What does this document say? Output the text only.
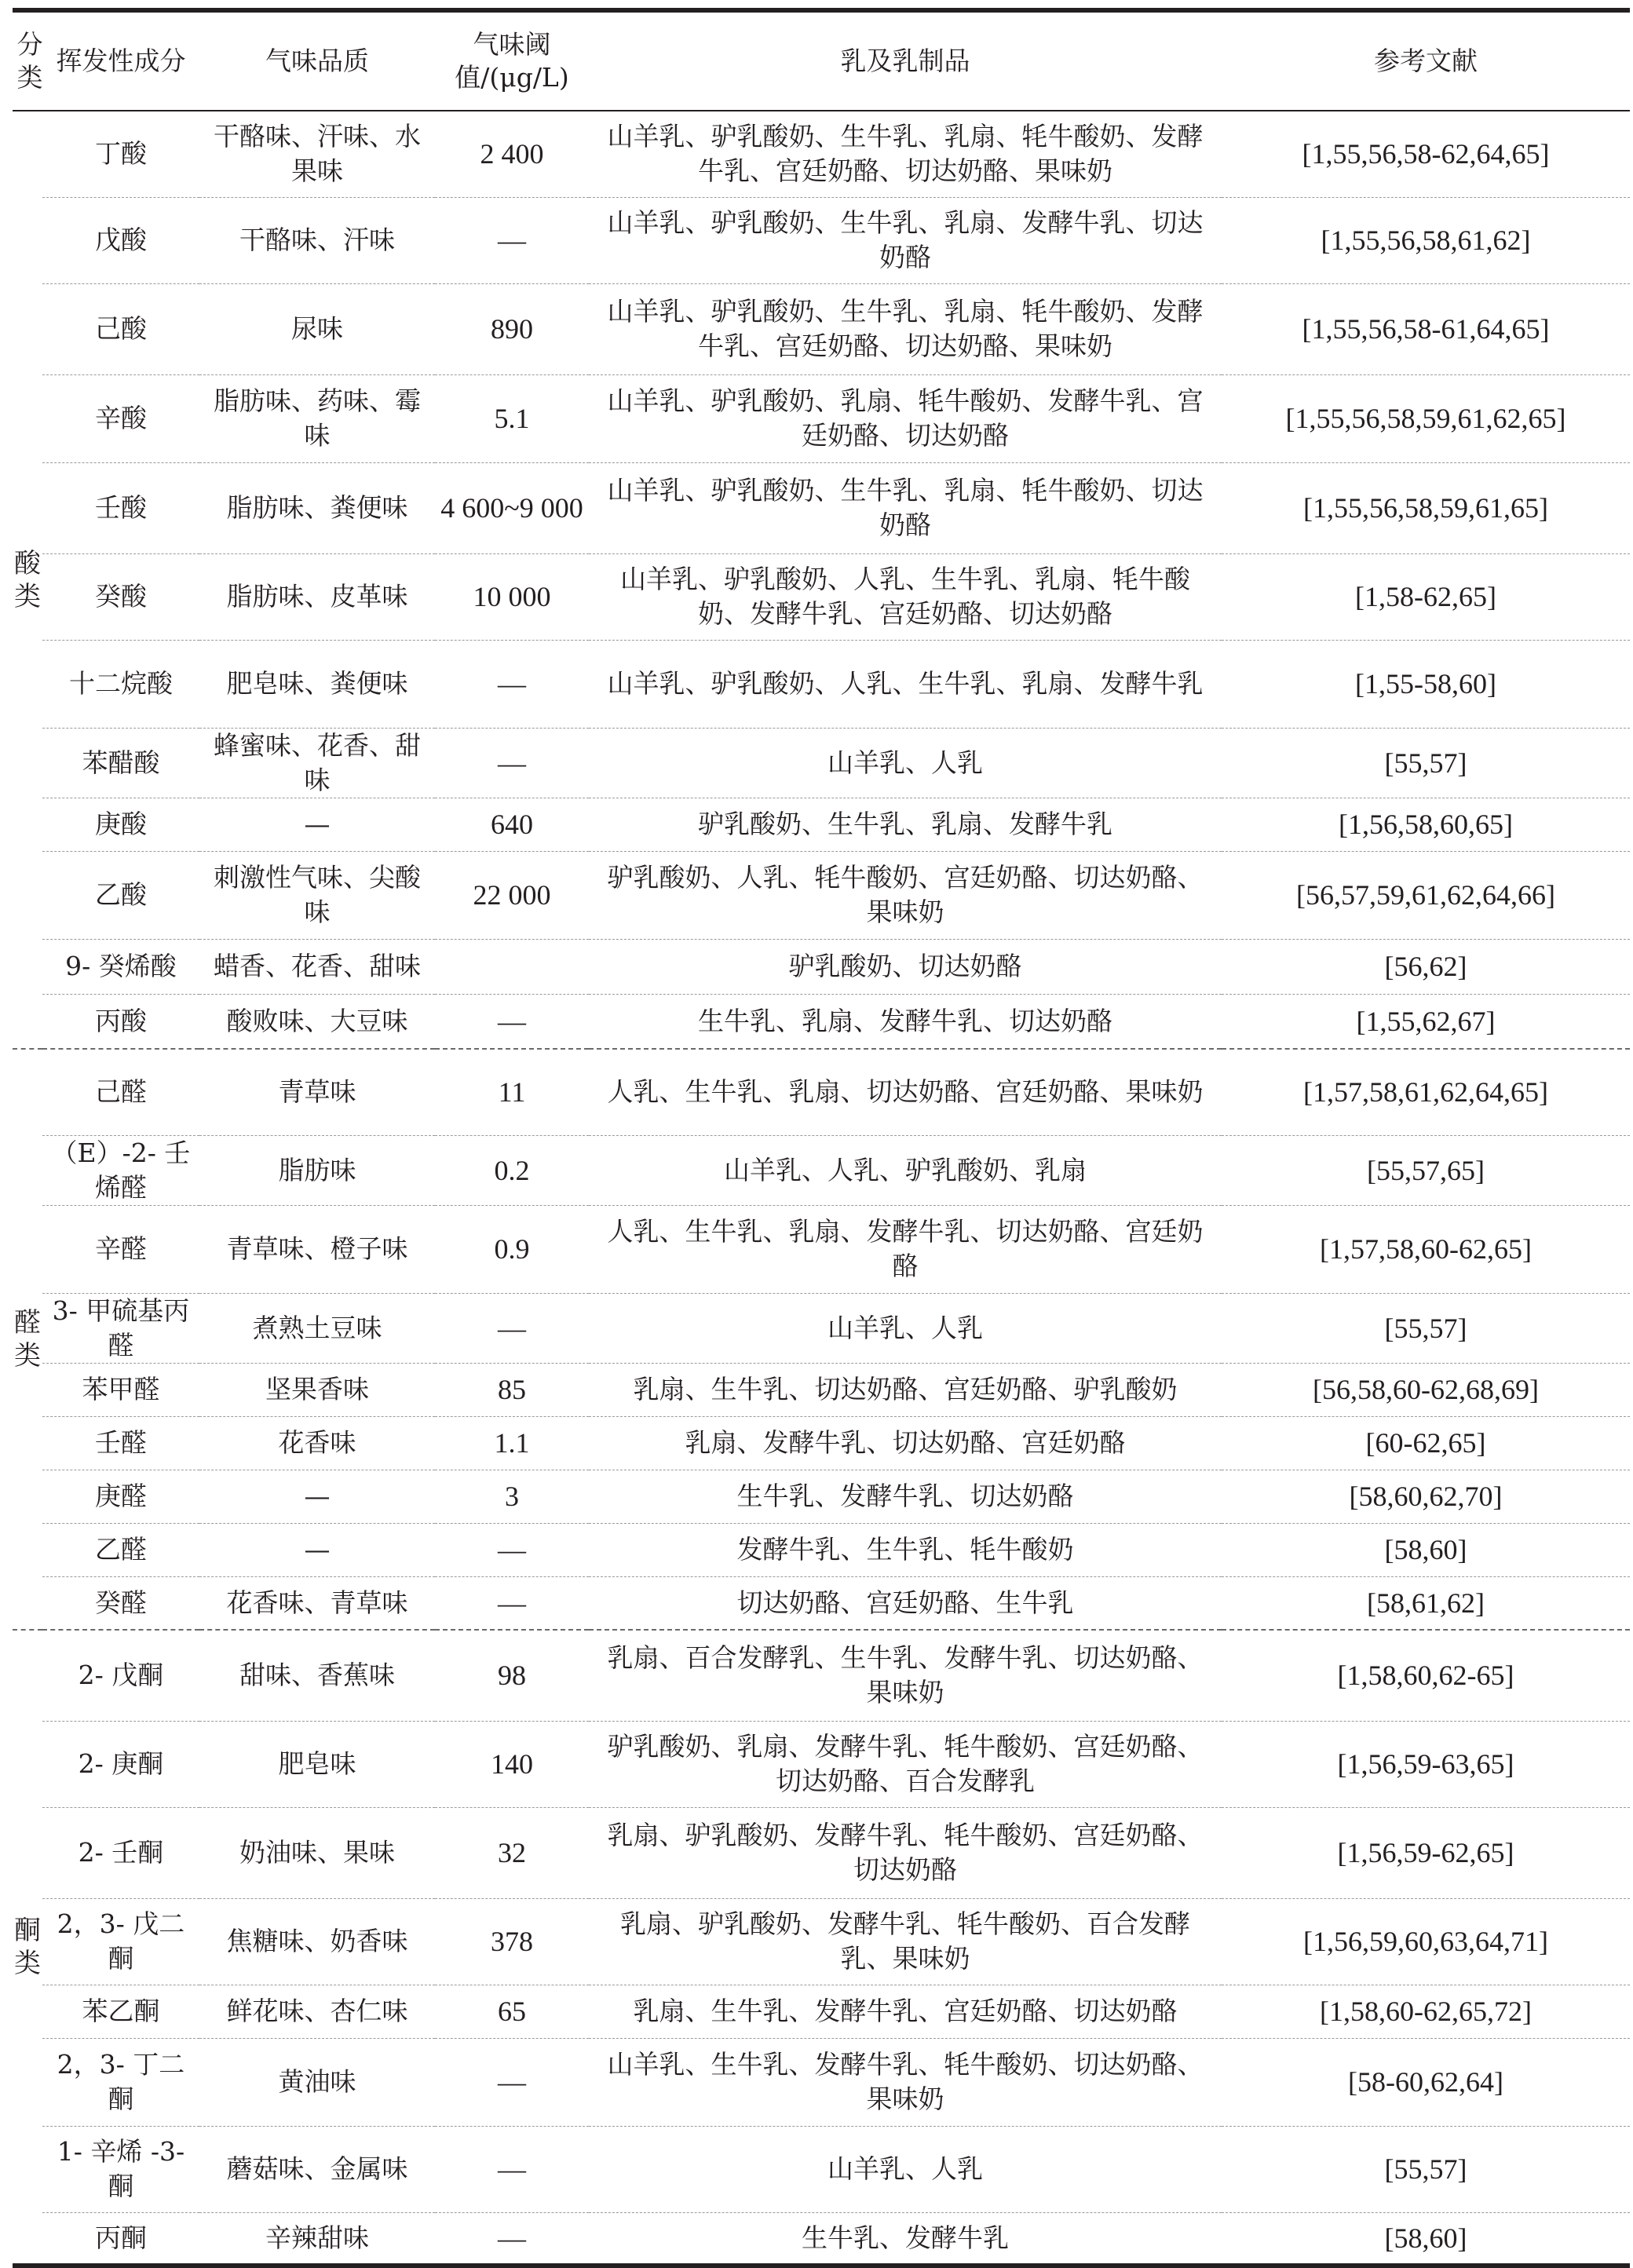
分类	挥发性成分	气味品质	气味阈值/(μg/L)	乳及乳制品	参考文献
酸类	丁酸	干酪味、汗味、水果味	2 400	山羊乳、驴乳酸奶、生牛乳、乳扇、牦牛酸奶、发酵牛乳、宫廷奶酪、切达奶酪、果味奶	[1,55,56,58-62,64,65]
	戊酸	干酪味、汗味	—	山羊乳、驴乳酸奶、生牛乳、乳扇、发酵牛乳、切达奶酪	[1,55,56,58,61,62]
	己酸	尿味	890	山羊乳、驴乳酸奶、生牛乳、乳扇、牦牛酸奶、发酵牛乳、宫廷奶酪、切达奶酪、果味奶	[1,55,56,58-61,64,65]
	辛酸	脂肪味、药味、霉味	5.1	山羊乳、驴乳酸奶、乳扇、牦牛酸奶、发酵牛乳、宫廷奶酪、切达奶酪	[1,55,56,58,59,61,62,65]
	壬酸	脂肪味、粪便味	4 600~9 000	山羊乳、驴乳酸奶、生牛乳、乳扇、牦牛酸奶、切达奶酪	[1,55,56,58,59,61,65]
	癸酸	脂肪味、皮革味	10 000	山羊乳、驴乳酸奶、人乳、生牛乳、乳扇、牦牛酸奶、发酵牛乳、宫廷奶酪、切达奶酪	[1,58-62,65]
	十二烷酸	肥皂味、粪便味	—	山羊乳、驴乳酸奶、人乳、生牛乳、乳扇、发酵牛乳	[1,55-58,60]
	苯醋酸	蜂蜜味、花香、甜味	—	山羊乳、人乳	[55,57]
	庚酸	—	640	驴乳酸奶、生牛乳、乳扇、发酵牛乳	[1,56,58,60,65]
	乙酸	刺激性气味、尖酸味	22 000	驴乳酸奶、人乳、牦牛酸奶、宫廷奶酪、切达奶酪、果味奶	[56,57,59,61,62,64,66]
	9- 癸烯酸	蜡香、花香、甜味		驴乳酸奶、切达奶酪	[56,62]
	丙酸	酸败味、大豆味	—	生牛乳、乳扇、发酵牛乳、切达奶酪	[1,55,62,67]
醛类	己醛	青草味	11	人乳、生牛乳、乳扇、切达奶酪、宫廷奶酪、果味奶	[1,57,58,61,62,64,65]
	（E）-2- 壬烯醛	脂肪味	0.2	山羊乳、人乳、驴乳酸奶、乳扇	[55,57,65]
	辛醛	青草味、橙子味	0.9	人乳、生牛乳、乳扇、发酵牛乳、切达奶酪、宫廷奶酪	[1,57,58,60-62,65]
	3- 甲硫基丙醛	煮熟土豆味	—	山羊乳、人乳	[55,57]
	苯甲醛	坚果香味	85	乳扇、生牛乳、切达奶酪、宫廷奶酪、驴乳酸奶	[56,58,60-62,68,69]
	壬醛	花香味	1.1	乳扇、发酵牛乳、切达奶酪、宫廷奶酪	[60-62,65]
	庚醛	—	3	生牛乳、发酵牛乳、切达奶酪	[58,60,62,70]
	乙醛	—	—	发酵牛乳、生牛乳、牦牛酸奶	[58,60]
	癸醛	花香味、青草味	—	切达奶酪、宫廷奶酪、生牛乳	[58,61,62]
酮类	2- 戊酮	甜味、香蕉味	98	乳扇、百合发酵乳、生牛乳、发酵牛乳、切达奶酪、果味奶	[1,58,60,62-65]
	2- 庚酮	肥皂味	140	驴乳酸奶、乳扇、发酵牛乳、牦牛酸奶、宫廷奶酪、切达奶酪、百合发酵乳	[1,56,59-63,65]
	2- 壬酮	奶油味、果味	32	乳扇、驴乳酸奶、发酵牛乳、牦牛酸奶、宫廷奶酪、切达奶酪	[1,56,59-62,65]
	2，3- 戊二酮	焦糖味、奶香味	378	乳扇、驴乳酸奶、发酵牛乳、牦牛酸奶、百合发酵乳、果味奶	[1,56,59,60,63,64,71]
	苯乙酮	鲜花味、杏仁味	65	乳扇、生牛乳、发酵牛乳、宫廷奶酪、切达奶酪	[1,58,60-62,65,72]
	2，3- 丁二酮	黄油味	—	山羊乳、生牛乳、发酵牛乳、牦牛酸奶、切达奶酪、果味奶	[58-60,62,64]
	1- 辛烯 -3- 酮	蘑菇味、金属味	—	山羊乳、人乳	[55,57]
	丙酮	辛辣甜味	—	生牛乳、发酵牛乳	[58,60]
